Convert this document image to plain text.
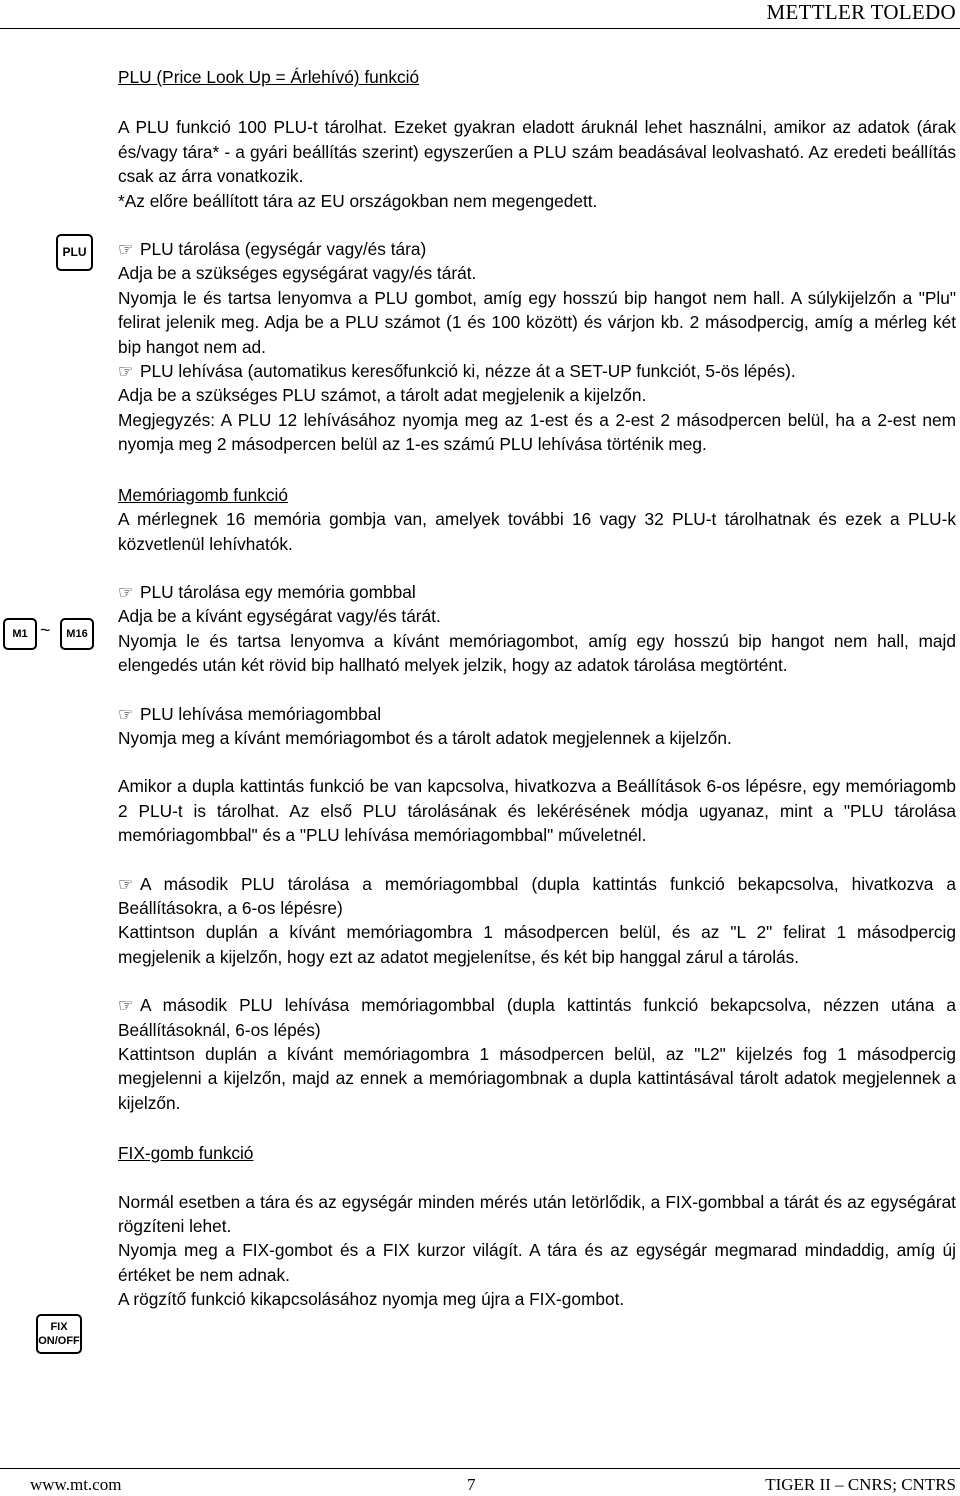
METTLER TOLEDO
PLU
M1 ~	M16
FIX
ON/OFF

PLU (Price Look Up = Árlehívó) funkció

A PLU funkció 100 PLU-t tárolhat. Ezeket gyakran eladott áruknál lehet használni, amikor az adatok (árak és/vagy tára* - a gyári beállítás szerint) egyszerűen a PLU szám beadásával leolvasható. Az eredeti beállítás csak az árra vonatkozik.

*Az előre beállított tára az EU országokban nem megengedett.

☞ PLU tárolása (egységár vagy/és tára)

Adja be a szükséges egységárat vagy/és tárát.

Nyomja le és tartsa lenyomva a PLU gombot, amíg egy hosszú bip hangot nem hall. A súlykijelzőn a "Plu" felirat jelenik meg. Adja be a PLU számot (1 és 100 között) és várjon kb. 2 másodpercig, amíg a mérleg két bip hangot nem ad.

☞ PLU lehívása (automatikus keresőfunkció ki, nézze át a SET-UP funkciót, 5-ös lépés).

Adja be a szükséges PLU számot, a tárolt adat megjelenik a kijelzőn.

Megjegyzés: A PLU 12 lehívásához nyomja meg az 1-est és a 2-est 2 másodpercen belül, ha a 2-est nem nyomja meg 2 másodpercen belül az 1-es számú PLU lehívása történik meg.

Memóriagomb funkció

A mérlegnek 16 memória gombja van, amelyek további 16 vagy 32 PLU-t tárolhatnak és ezek a PLU-k közvetlenül lehívhatók.

☞ PLU tárolása egy memória gombbal

Adja be a kívánt egységárat vagy/és tárát.

Nyomja le és tartsa lenyomva a kívánt memóriagombot, amíg egy hosszú bip hangot nem hall, majd elengedés után két rövid bip hallható melyek jelzik, hogy az adatok tárolása megtörtént.

☞ PLU lehívása memóriagombbal

Nyomja meg a kívánt memóriagombot és a tárolt adatok megjelennek a kijelzőn.

Amikor a dupla kattintás funkció be van kapcsolva, hivatkozva a Beállítások 6-os lépésre, egy memóriagomb 2 PLU-t is tárolhat. Az első PLU tárolásának és lekérésének módja ugyanaz, mint a "PLU tárolása memóriagombbal" és a "PLU lehívása memóriagombbal" műveletnél.

☞ A második PLU tárolása a memóriagombbal (dupla kattintás funkció bekapcsolva, hivatkozva a Beállításokra, a 6-os lépésre)

Kattintson duplán a kívánt memóriagombra 1 másodpercen belül, és az "L 2" felirat 1 másodpercig megjelenik a kijelzőn, hogy ezt az adatot megjelenítse, és két bip hanggal zárul a tárolás.

☞ A második PLU lehívása memóriagombbal (dupla kattintás funkció bekapcsolva, nézzen utána a Beállításoknál, 6-os lépés)

Kattintson duplán a kívánt memóriagombra 1 másodpercen belül, az "L2" kijelzés fog 1 másodpercig megjelenni a kijelzőn, majd az ennek a memóriagombnak a dupla kattintásával tárolt adatok megjelennek a kijelzőn.

FIX-gomb funkció

Normál esetben a tára és az egységár minden mérés után letörlődik, a FIX-gombbal a tárát és az egységárat rögzíteni lehet.

Nyomja meg a FIX-gombot és a FIX kurzor világít. A tára és az egységár megmarad mindaddig, amíg új értéket be nem adnak.

A rögzítő funkció kikapcsolásához nyomja meg újra a FIX-gombot.

www.mt.com	7	TIGER II – CNRS; CNTRS
